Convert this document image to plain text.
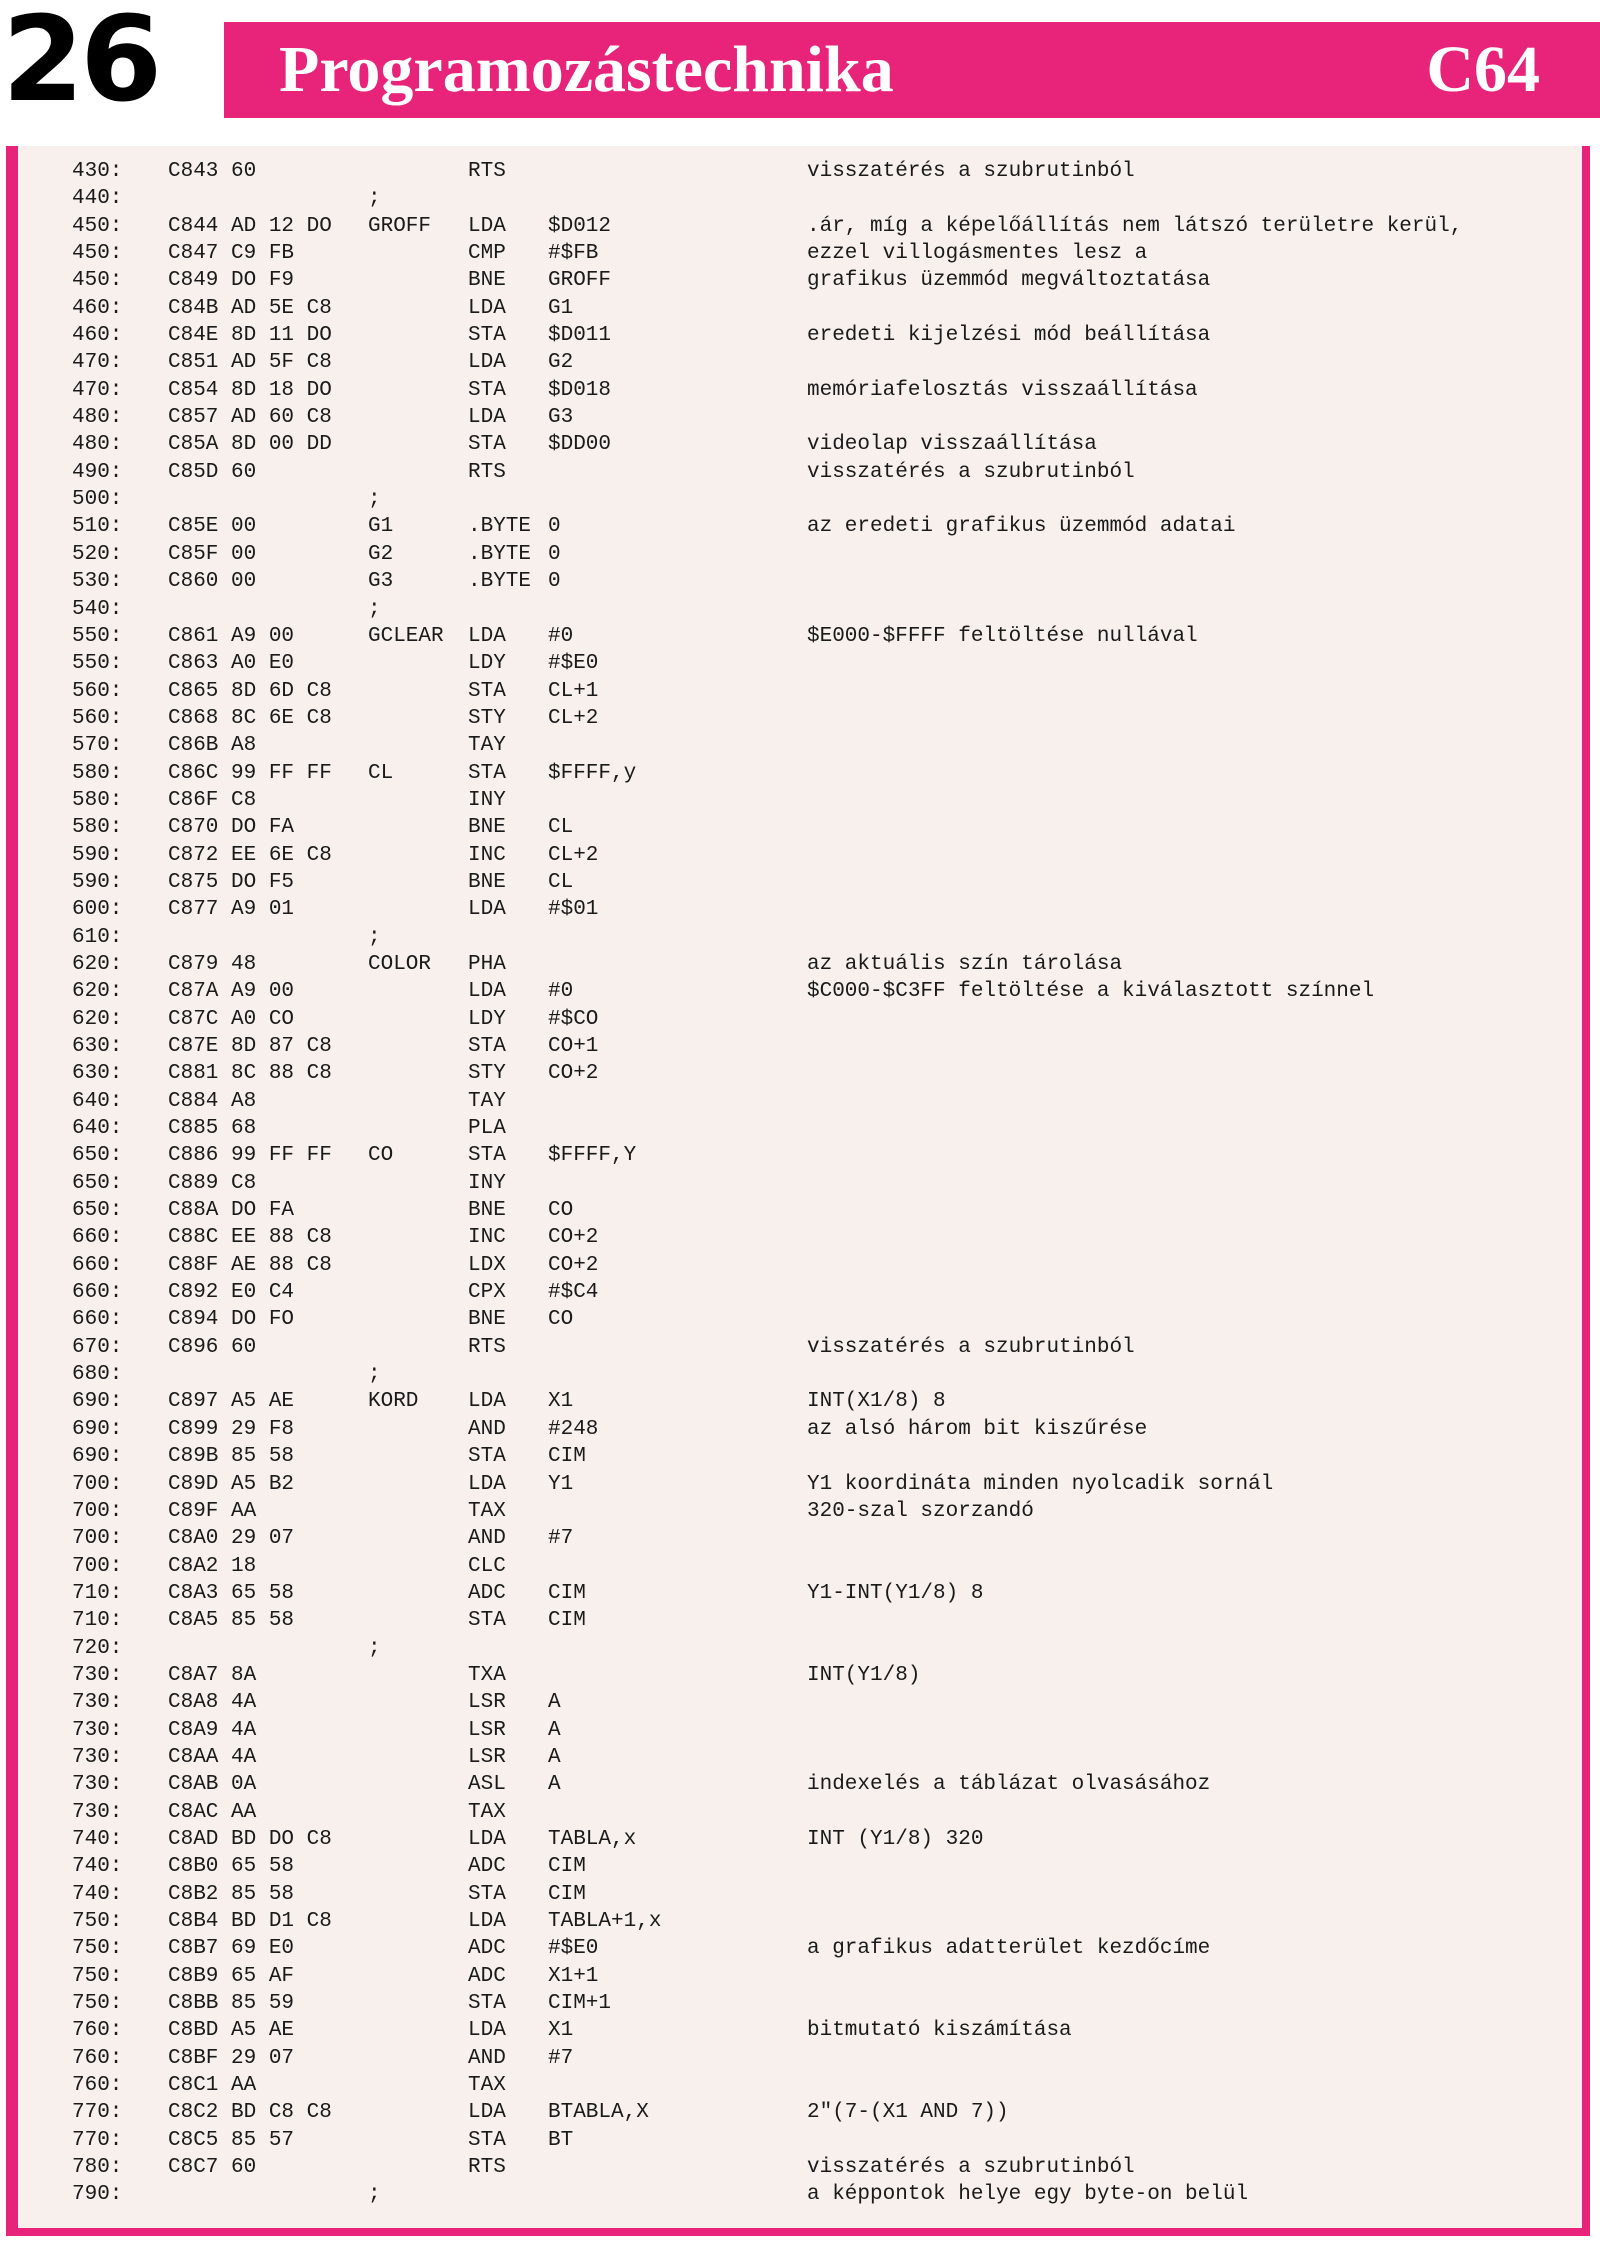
26 Programozástechnika	C64
430: C843 60	RTS	visszatérés a szubrutinból
440:	;
450: C844 AD 12 DO GROFF LDA $D012	.ár, míg a képelőállítás nem látszó területre kerül,
450: C847 C9 FB	CMP #$FB	ezzel villogásmentes lesz a
450: C849 DO F9	BNE GROFF	grafikus üzemmód megváltoztatása
460: C84B AD 5E C8	LDA G1
460: C84E 8D 11 DO	STA $D011	eredeti kijelzési mód beállítása
470: C851 AD 5F C8	LDA G2
470: C854 8D 18 DO	STA $D018	memóriafelosztás visszaállítása
480: C857 AD 60 C8	LDA G3
480: C85A 8D 00 DD	STA $DD00	videolap visszaállítása
490: C85D 60	RTS	visszatérés a szubrutinból
500:	;
510: C85E 00	G1	.BYTE 0	az eredeti grafikus üzemmód adatai
520: C85F 00	G2	.BYTE 0
530: C860 00	G3	.BYTE 0
540:	;
550: C861 A9 00	GCLEAR LDA #0	$E000-$FFFF feltöltése nullával
550: C863 A0 E0	LDY #$E0
560: C865 8D 6D C8	STA CL+1
560: C868 8C 6E C8	STY CL+2
570: C86B A8	TAY
580: C86C 99 FF FF CL	STA $FFFF,y
580: C86F C8	INY
580: C870 DO FA	BNE CL
590: C872 EE 6E C8	INC CL+2
590: C875 DO F5	BNE CL
600: C877 A9 01	LDA #$01
610:	;
620: C879 48	COLOR PHA	az aktuális szín tárolása
620: C87A A9 00	LDA #0	$C000-$C3FF feltöltése a kiválasztott színnel
620: C87C A0 CO	LDY #$CO
630: C87E 8D 87 C8	STA CO+1
630: C881 8C 88 C8	STY CO+2
640: C884 A8	TAY
640: C885 68	PLA
650: C886 99 FF FF CO	STA $FFFF,Y
650: C889 C8	INY
650: C88A DO FA	BNE CO
660: C88C EE 88 C8	INC CO+2
660: C88F AE 88 C8	LDX CO+2
660: C892 E0 C4	CPX #$C4
660: C894 DO FO	BNE CO
670: C896 60	RTS	visszatérés a szubrutinból
680:	;
690: C897 A5 AE	KORD LDA X1	INT(X1/8) 8
690: C899 29 F8	AND #248	az alsó három bit kiszűrése
690: C89B 85 58	STA CIM
700: C89D A5 B2	LDA Y1	Y1 koordináta minden nyolcadik sornál
700: C89F AA	TAX	320-szal szorzandó
700: C8A0 29 07	AND #7
700: C8A2 18	CLC
710: C8A3 65 58	ADC CIM	Y1-INT(Y1/8) 8
710: C8A5 85 58	STA CIM
720:	;
730: C8A7 8A	TXA	INT(Y1/8)
730: C8A8 4A	LSR A
730: C8A9 4A	LSR A
730: C8AA 4A	LSR A
730: C8AB 0A	ASL A	indexelés a táblázat olvasásához
730: C8AC AA	TAX
740: C8AD BD DO C8	LDA TABLA,x	INT (Y1/8) 320
740: C8B0 65 58	ADC CIM
740: C8B2 85 58	STA CIM
750: C8B4 BD D1 C8	LDA TABLA+1,x
750: C8B7 69 E0	ADC #$E0	a grafikus adatterület kezdőcíme
750: C8B9 65 AF	ADC X1+1
750: C8BB 85 59	STA CIM+1
760: C8BD A5 AE	LDA X1	bitmutató kiszámítása
760: C8BF 29 07	AND #7
760: C8C1 AA	TAX
770: C8C2 BD C8 C8	LDA BTABLA,X	2"(7-(X1 AND 7))
770: C8C5 85 57	STA BT
780: C8C7 60	RTS	visszatérés a szubrutinból
790:	;	a képpontok helye egy byte-on belül
